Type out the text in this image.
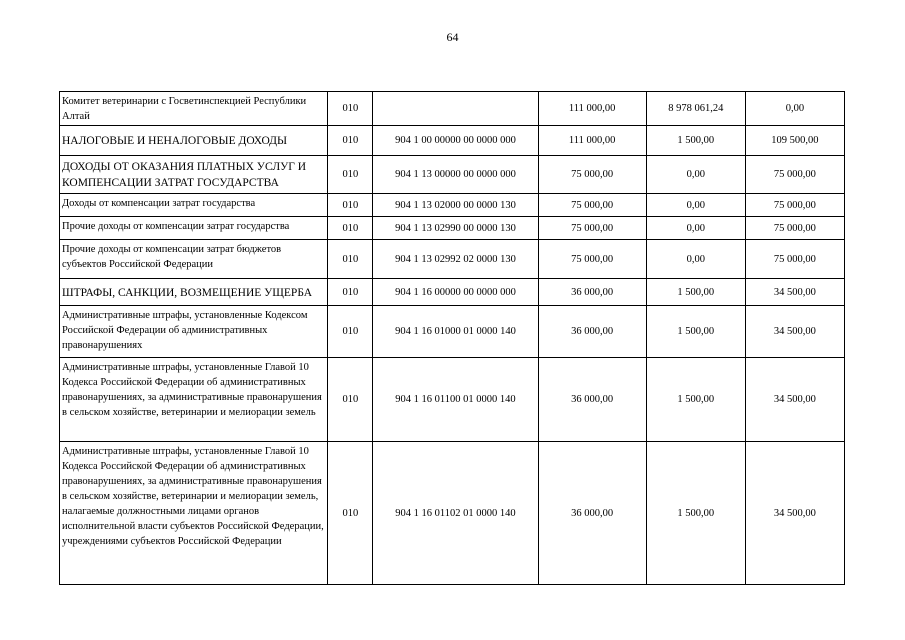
64
Комитет ветеринарии с Госветинспекцией Республики Алтай	010		111 000,00	8 978 061,24	0,00
НАЛОГОВЫЕ И НЕНАЛОГОВЫЕ ДОХОДЫ	010	904 1 00 00000 00 0000 000	111 000,00	1 500,00	109 500,00
ДОХОДЫ ОТ ОКАЗАНИЯ ПЛАТНЫХ УСЛУГ И КОМПЕНСАЦИИ ЗАТРАТ ГОСУДАРСТВА	010	904 1 13 00000 00 0000 000	75 000,00	0,00	75 000,00
Доходы от компенсации затрат государства	010	904 1 13 02000 00 0000 130	75 000,00	0,00	75 000,00
Прочие доходы от компенсации затрат государства	010	904 1 13 02990 00 0000 130	75 000,00	0,00	75 000,00
Прочие доходы от компенсации затрат бюджетов субъектов Российской Федерации	010	904 1 13 02992 02 0000 130	75 000,00	0,00	75 000,00
ШТРАФЫ, САНКЦИИ, ВОЗМЕЩЕНИЕ УЩЕРБА	010	904 1 16 00000 00 0000 000	36 000,00	1 500,00	34 500,00
Административные штрафы, установленные Кодексом Российской Федерации об административных правонарушениях	010	904 1 16 01000 01 0000 140	36 000,00	1 500,00	34 500,00
Административные штрафы, установленные Главой 10 Кодекса Российской Федерации об административных правонарушениях, за административные правонарушения в сельском хозяйстве, ветеринарии и мелиорации земель	010	904 1 16 01100 01 0000 140	36 000,00	1 500,00	34 500,00
Административные штрафы, установленные Главой 10 Кодекса Российской Федерации об административных правонарушениях, за административные правонарушения в сельском хозяйстве, ветеринарии и мелиорации земель, налагаемые должностными лицами органов исполнительной власти субъектов Российской Федерации, учреждениями субъектов Российской Федерации	010	904 1 16 01102 01 0000 140	36 000,00	1 500,00	34 500,00
